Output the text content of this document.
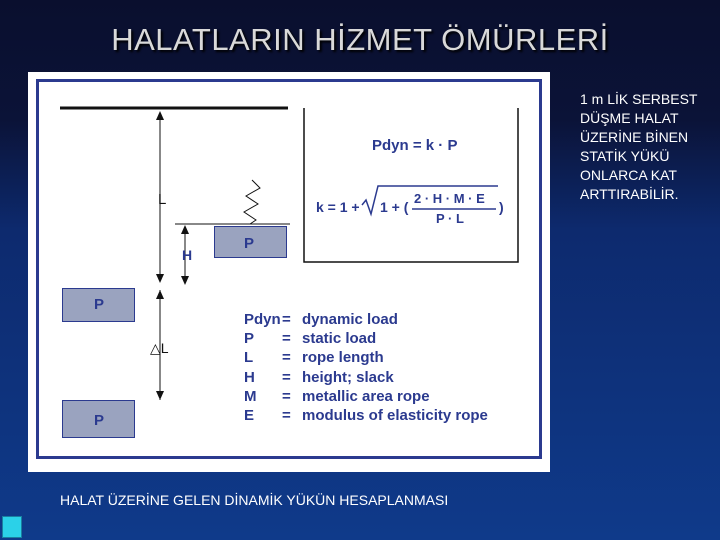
HALATLARIN HİZMET ÖMÜRLERİ
P
P
P
L
H
△L
Pdyn = k · P
k = 1 + 1 + (
2 · H · M · E
P · L
)
Pdyn= dynamic load
P = static load
L = rope length
H = height; slack
M = metallic area rope
E = modulus of elasticity rope
HALAT ÜZERİNE GELEN DİNAMİK YÜKÜN HESAPLANMASI
1 m LİK SERBEST DÜŞME HALAT ÜZERİNE BİNEN STATİK YÜKÜ ONLARCA KAT ARTTIRABİLİR.
